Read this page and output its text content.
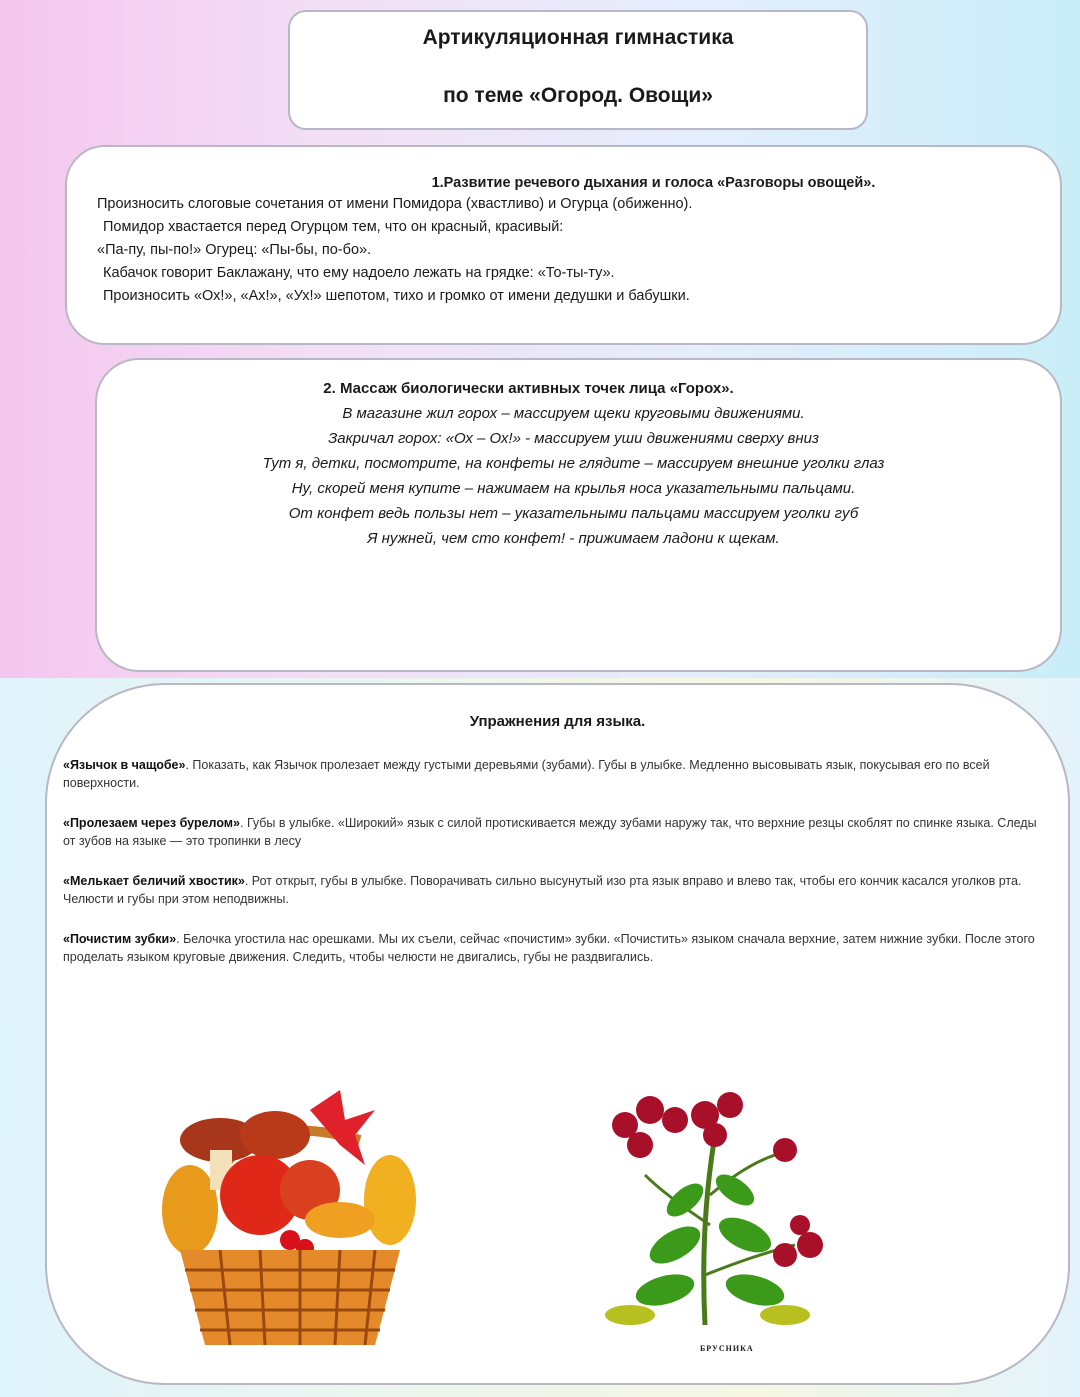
Артикуляционная гимнастика
по теме «Огород. Овощи»
1.Развитие речевого дыхания и голоса «Разговоры овощей».

Произносить слоговые сочетания от имени Помидора (хвастливо) и Огурца (обиженно).

Помидор хвастается перед Огурцом тем, что он красный, красивый:

«Па-пу, пы-по!» Огурец: «Пы-бы, по-бо».

Кабачок говорит Баклажану, что ему надоело лежать на грядке: «То-ты-ту».

Произносить «Ох!», «Ах!», «Ух!» шепотом, тихо и громко от имени дедушки и бабушки.

2. Массаж биологически активных точек лица «Горох».

В магазине жил горох – массируем щеки круговыми движениями.

Закричал горох: «Ох – Ох!» - массируем уши движениями сверху вниз

Тут я, детки, посмотрите, на конфеты не глядите – массируем внешние уголки глаз

Ну, скорей меня купите – нажимаем на крылья носа указательными пальцами.

От конфет ведь пользы нет – указательными пальцами массируем уголки губ

Я нужней, чем сто конфет! - прижимаем ладони к щекам.

Упражнения для языка.

«Язычок в чащобе». Показать, как Язычок пролезает между густыми деревьями (зубами). Губы в улыбке. Медленно высовывать язык, покусывая его по всей поверхности.

«Пролезаем через бурелом». Губы в улыбке. «Широкий» язык с силой протискивается между зубами наружу так, что верхние резцы скоблят по спинке языка. Следы от зубов на языке — это тропинки в лесу

«Мелькает беличий хвостик». Рот открыт, губы в улыбке. Поворачивать сильно высунутый изо рта язык вправо и влево так, чтобы его кончик касался уголков рта. Челюсти и губы при этом неподвижны.

«Почистим зубки». Белочка угостила нас орешками. Мы их съели, сейчас «почистим» зубки. «Почистить» языком сначала верхние, затем нижние зубки. После этого проделать языком круговые движения. Следить, чтобы челюсти не двигались, губы не раздвигались.

БРУСНИКА
